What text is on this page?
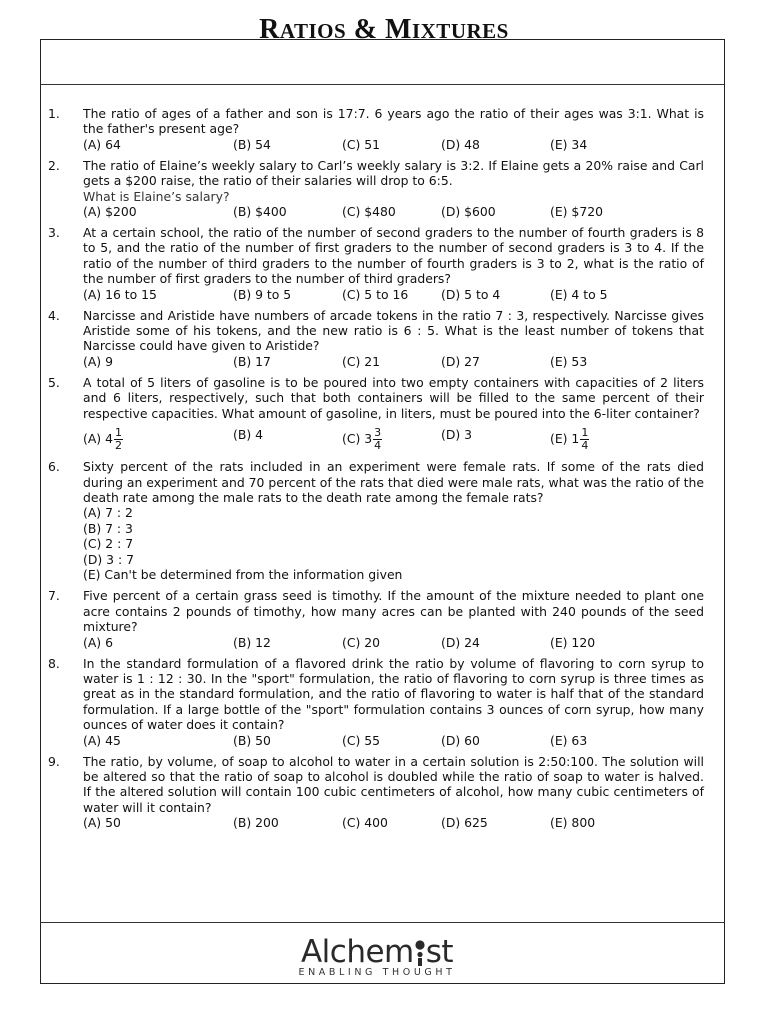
RATIOS & MIXTURES
1. The ratio of ages of a father and son is 17:7. 6 years ago the ratio of their ages was 3:1. What is the father's present age?
(A) 64	(B) 54	(C) 51	(D) 48	(E) 34
2. The ratio of Elaine’s weekly salary to Carl’s weekly salary is 3:2. If Elaine gets a 20% raise and Carl gets a $200 raise, the ratio of their salaries will drop to 6:5.
What is Elaine’s salary?
(A) $200	(B) $400	(C) $480	(D) $600	(E) $720
3. At a certain school, the ratio of the number of second graders to the number of fourth graders is 8 to 5, and the ratio of the number of first graders to the number of second graders is 3 to 4. If the ratio of the number of third graders to the number of fourth graders is 3 to 2, what is the ratio of the number of first graders to the number of third graders?
(A) 16 to 15	(B) 9 to 5	(C) 5 to 16	(D) 5 to 4	(E) 4 to 5
4. Narcisse and Aristide have numbers of arcade tokens in the ratio 7 : 3, respectively. Narcisse gives Aristide some of his tokens, and the new ratio is 6 : 5. What is the least number of tokens that Narcisse could have given to Aristide?
(A) 9	(B) 17	(C) 21	(D) 27	(E) 53
5. A total of 5 liters of gasoline is to be poured into two empty containers with capacities of 2 liters and 6 liters, respectively, such that both containers will be filled to the same percent of their respective capacities. What amount of gasoline, in liters, must be poured into the 6-liter container?
(A) $4 \frac{1}{2}$	(B) 4	(C) $3 \frac{3}{4}$	(D) 3	(E) $1 \frac{1}{4}$
6. Sixty percent of the rats included in an experiment were female rats. If some of the rats died during an experiment and 70 percent of the rats that died were male rats, what was the ratio of the death rate among the male rats to the death rate among the female rats?
(A) 7 : 2
(B) 7 : 3
(C) 2 : 7
(D) 3 : 7
(E) Can't be determined from the information given
7. Five percent of a certain grass seed is timothy. If the amount of the mixture needed to plant one acre contains 2 pounds of timothy, how many acres can be planted with 240 pounds of the seed mixture?
(A) 6	(B) 12	(C) 20	(D) 24	(E) 120
8. In the standard formulation of a flavored drink the ratio by volume of flavoring to corn syrup to water is 1 : 12 : 30. In the "sport" formulation, the ratio of flavoring to corn syrup is three times as great as in the standard formulation, and the ratio of flavoring to water is half that of the standard formulation. If a large bottle of the "sport" formulation contains 3 ounces of corn syrup, how many ounces of water does it contain?
(A) 45	(B) 50	(C) 55	(D) 60	(E) 63
9. The ratio, by volume, of soap to alcohol to water in a certain solution is 2:50:100. The solution will be altered so that the ratio of soap to alcohol is doubled while the ratio of soap to water is halved. If the altered solution will contain 100 cubic centimeters of alcohol, how many cubic centimeters of water will it contain?
(A) 50	(B) 200	(C) 400	(D) 625	(E) 800
Alchem st
ENABLING THOUGHT
